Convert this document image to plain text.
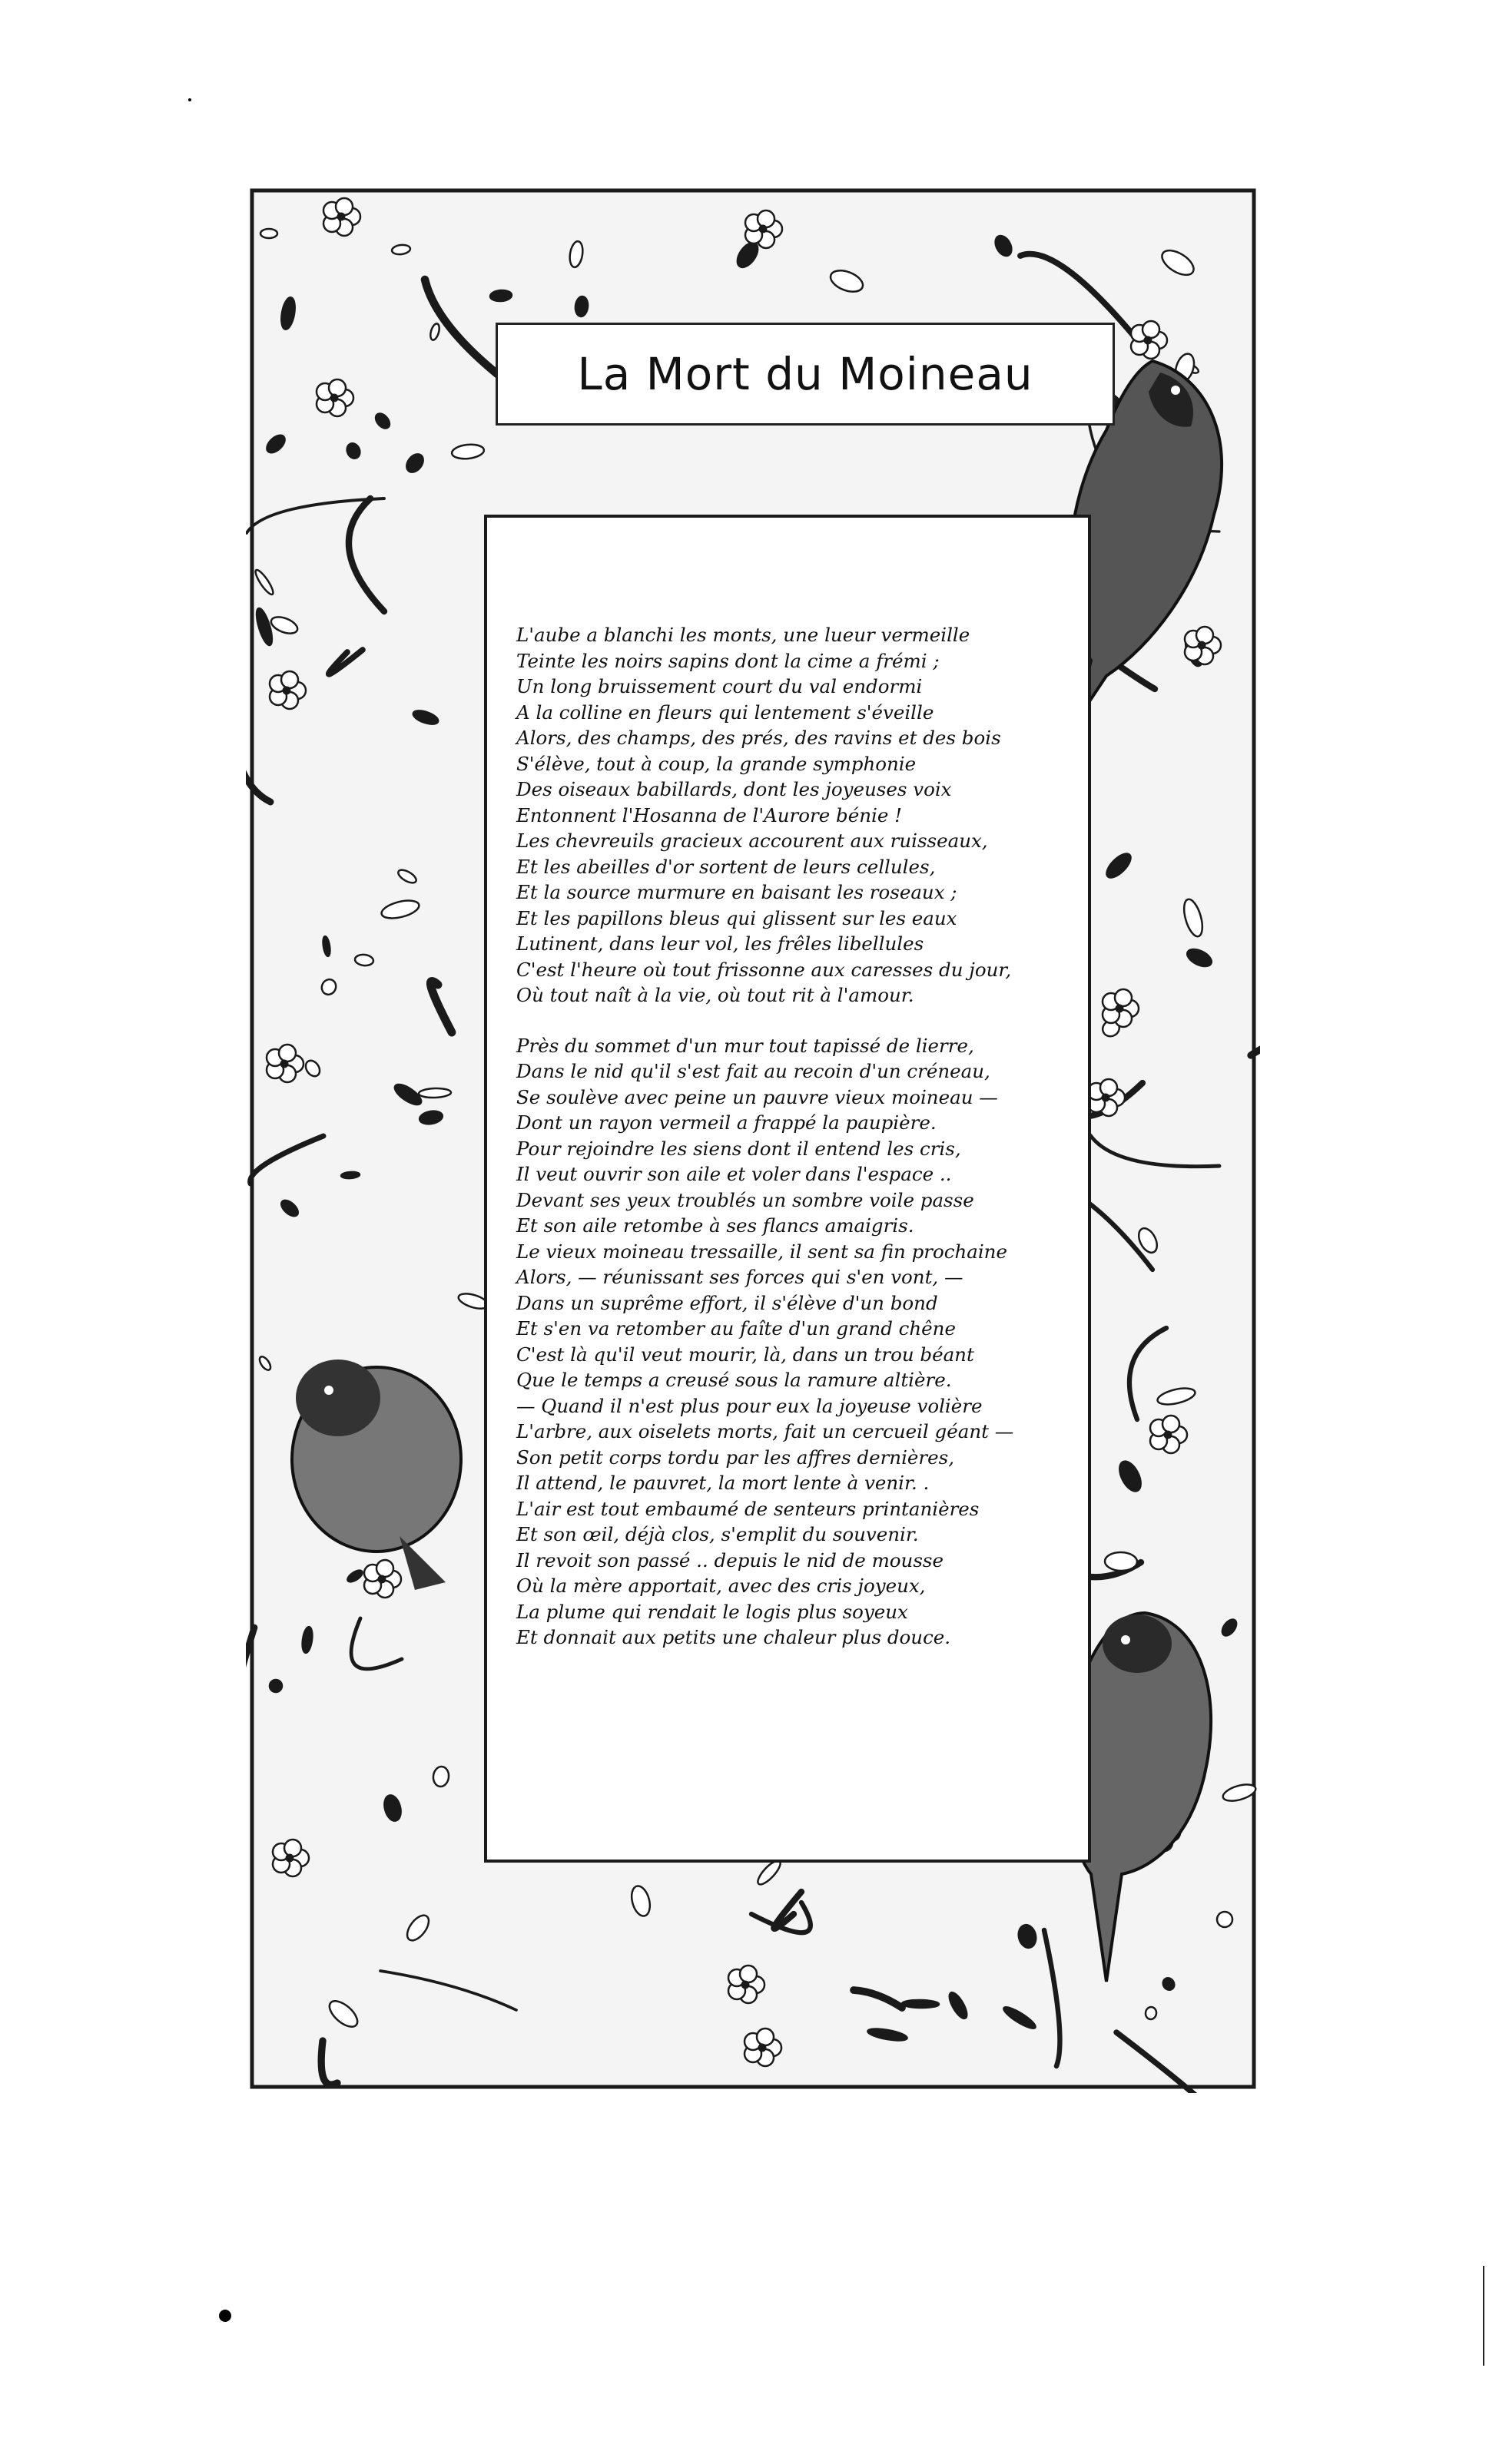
La Mort du Moineau
L'aube a blanchi les monts, une lueur vermeille
Teinte les noirs sapins dont la cime a frémi ;
Un long bruissement court du val endormi
A la colline en fleurs qui lentement s'éveille
Alors, des champs, des prés, des ravins et des bois
S'élève, tout à coup, la grande symphonie
Des oiseaux babillards, dont les joyeuses voix
Entonnent l'Hosanna de l'Aurore bénie !
Les chevreuils gracieux accourent aux ruisseaux,
Et les abeilles d'or sortent de leurs cellules,
Et la source murmure en baisant les roseaux ;
Et les papillons bleus qui glissent sur les eaux
Lutinent, dans leur vol, les frêles libellules
C'est l'heure où tout frissonne aux caresses du jour,
Où tout naît à la vie, où tout rit à l'amour.
Près du sommet d'un mur tout tapissé de lierre,
Dans le nid qu'il s'est fait au recoin d'un créneau,
Se soulève avec peine un pauvre vieux moineau —
Dont un rayon vermeil a frappé la paupière.
Pour rejoindre les siens dont il entend les cris,
Il veut ouvrir son aile et voler dans l'espace ..
Devant ses yeux troublés un sombre voile passe
Et son aile retombe à ses flancs amaigris.
Le vieux moineau tressaille, il sent sa fin prochaine
Alors, — réunissant ses forces qui s'en vont, —
Dans un suprême effort, il s'élève d'un bond
Et s'en va retomber au faîte d'un grand chêne
C'est là qu'il veut mourir, là, dans un trou béant
Que le temps a creusé sous la ramure altière.
— Quand il n'est plus pour eux la joyeuse volière
L'arbre, aux oiselets morts, fait un cercueil géant —
Son petit corps tordu par les affres dernières,
Il attend, le pauvret, la mort lente à venir. .
L'air est tout embaumé de senteurs printanières
Et son œil, déjà clos, s'emplit du souvenir.
Il revoit son passé .. depuis le nid de mousse
Où la mère apportait, avec des cris joyeux,
La plume qui rendait le logis plus soyeux
Et donnait aux petits une chaleur plus douce.
